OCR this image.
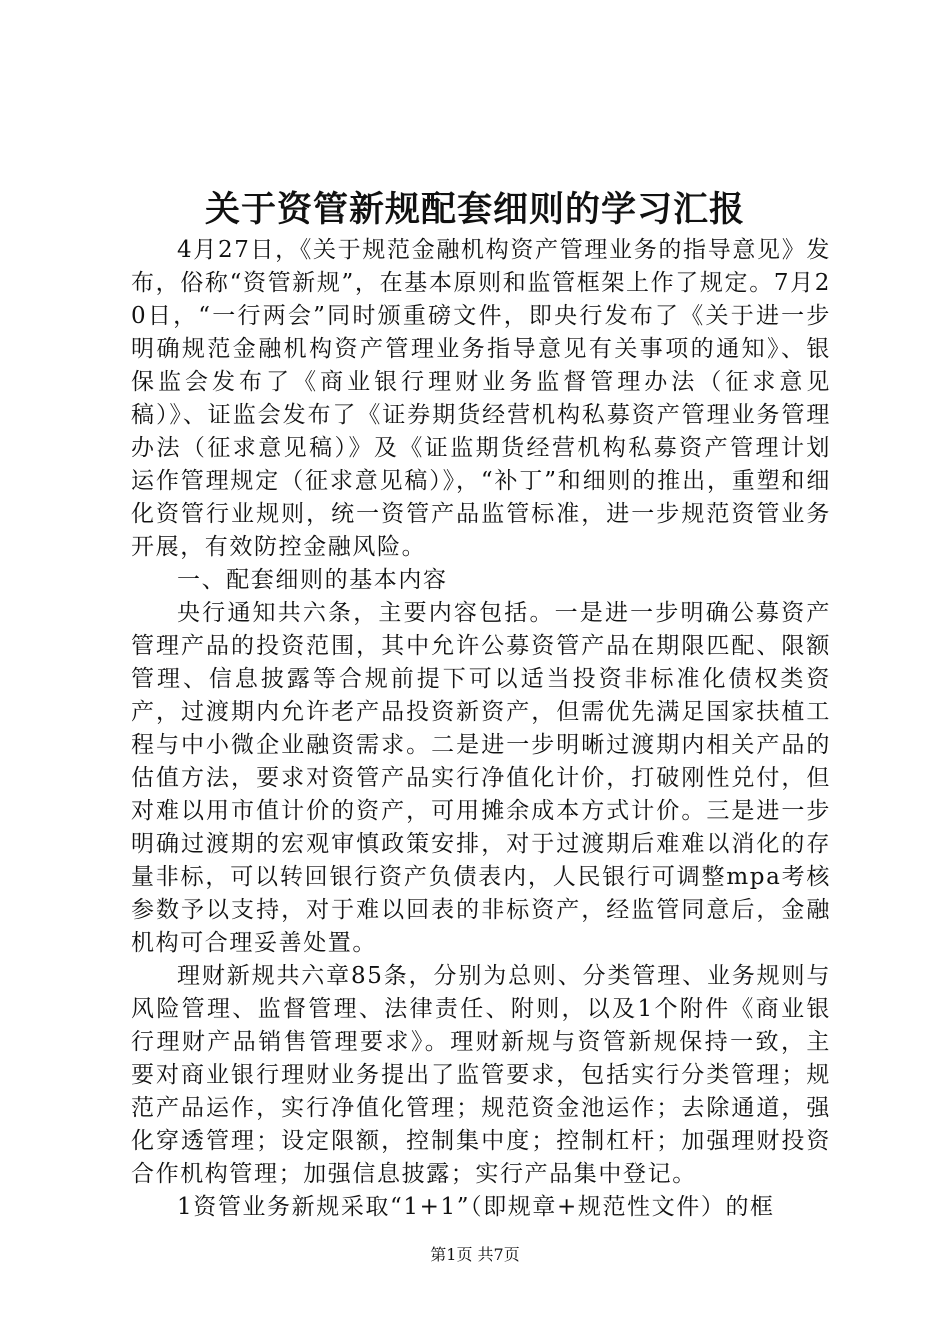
关于资管新规配套细则的学习汇报

4月27日，《关于规范金融机构资产管理业务的指导意见》发布，俗称“资管新规”，在基本原则和监管框架上作了规定。7月20日，“一行两会”同时颁重磅文件，即央行发布了《关于进一步明确规范金融机构资产管理业务指导意见有关事项的通知》、银保监会发布了《商业银行理财业务监督管理办法（征求意见稿）》、证监会发布了《证券期货经营机构私募资产管理业务管理办法（征求意见稿）》及《证监期货经营机构私募资产管理计划运作管理规定（征求意见稿）》，“补丁”和细则的推出，重塑和细化资管行业规则，统一资管产品监管标准，进一步规范资管业务开展，有效防控金融风险。

一、配套细则的基本内容

央行通知共六条，主要内容包括。一是进一步明确公募资产管理产品的投资范围，其中允许公募资管产品在期限匹配、限额管理、信息披露等合规前提下可以适当投资非标准化债权类资产，过渡期内允许老产品投资新资产，但需优先满足国家扶植工程与中小微企业融资需求。二是进一步明晰过渡期内相关产品的估值方法，要求对资管产品实行净值化计价，打破刚性兑付，但对难以用市值计价的资产，可用摊余成本方式计价。三是进一步明确过渡期的宏观审慎政策安排，对于过渡期后难难以消化的存量非标，可以转回银行资产负债表内，人民银行可调整mpa考核参数予以支持，对于难以回表的非标资产，经监管同意后，金融机构可合理妥善处置。

理财新规共六章85条，分别为总则、分类管理、业务规则与风险管理、监督管理、法律责任、附则，以及1个附件《商业银行理财产品销售管理要求》。理财新规与资管新规保持一致，主要对商业银行理财业务提出了监管要求，包括实行分类管理；规范产品运作，实行净值化管理；规范资金池运作；去除通道，强化穿透管理；设定限额，控制集中度；控制杠杆；加强理财投资合作机构管理；加强信息披露；实行产品集中登记。

1资管业务新规采取“1+1”（即规章+规范性文件）的框

第1页 共7页
